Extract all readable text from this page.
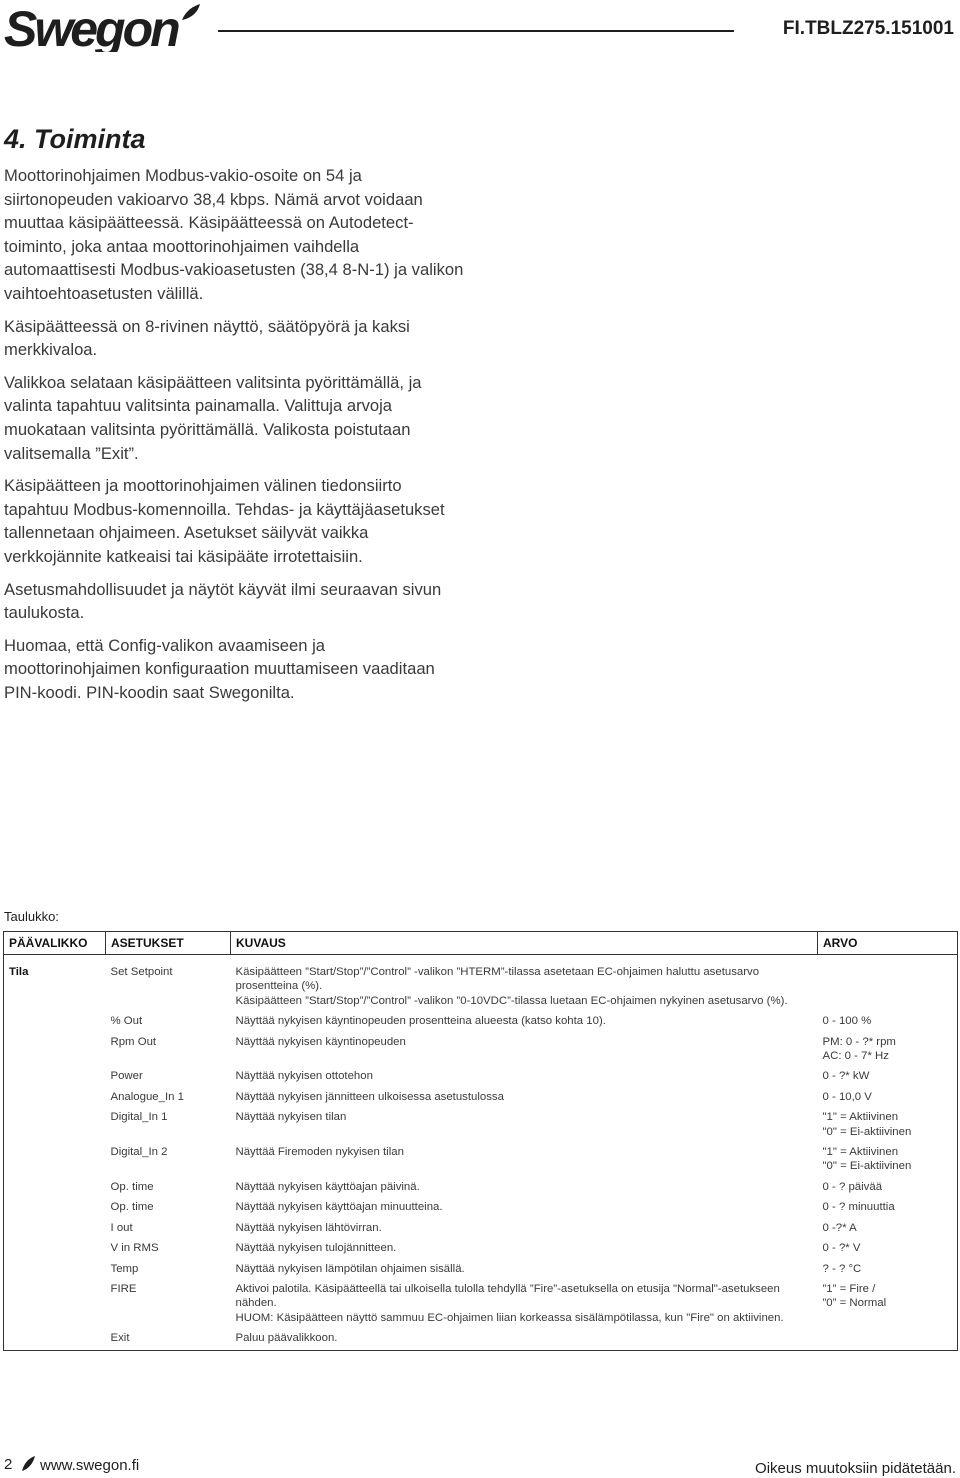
Swegon	FI.TBLZ275.151001
4. Toiminta

Moottorinohjaimen Modbus-vakio-osoite on 54 ja siirtonopeuden vakioarvo 38,4 kbps. Nämä arvot voidaan muuttaa käsipäätteessä. Käsipäätteessä on Autodetect-toiminto, joka antaa moottorinohjaimen vaihdella automaattisesti Modbus-vakioasetusten (38,4 8-N-1) ja valikon vaihtoehtoasetusten välillä.

Käsipäätteessä on 8-rivinen näyttö, säätöpyörä ja kaksi merkkivaloa.

Valikkoa selataan käsipäätteen valitsinta pyörittämällä, ja valinta tapahtuu valitsinta painamalla. Valittuja arvoja muokataan valitsinta pyörittämällä. Valikosta poistutaan valitsemalla ”Exit”.

Käsipäätteen ja moottorinohjaimen välinen tiedonsiirto tapahtuu Modbus-komennoilla. Tehdas- ja käyttäjäasetukset tallennetaan ohjaimeen. Asetukset säilyvät vaikka verkkojännite katkeaisi tai käsipääte irrotettaisiin.

Asetusmahdollisuudet ja näytöt käyvät ilmi seuraavan sivun taulukosta.

Huomaa, että Config-valikon avaamiseen ja moottorinohjaimen konfiguraation muuttamiseen vaaditaan PIN-koodi. PIN-koodin saat Swegonilta.

Taulukko:
PÄÄVALIKKO	ASETUKSET	KUVAUS	ARVO
Tila	Set Setpoint	Käsipäätteen ”Start/Stop”/”Control” -valikon ”HTERM”-tilassa asetetaan EC-ohjaimen haluttu asetusarvo prosentteina (%).
Käsipäätteen ”Start/Stop”/”Control” -valikon ”0-10VDC”-tilassa luetaan EC-ohjaimen nykyinen asetusarvo (%).	

	% Out	Näyttää nykyisen käyntinopeuden prosentteina alueesta (katso kohta 10).	0 - 100 %

	Rpm Out	Näyttää nykyisen käyntinopeuden	PM: 0 - ?* rpm
AC: 0 - 7* Hz

	Power	Näyttää nykyisen ottotehon	0 - ?* kW

	Analogue_In 1	Näyttää nykyisen jännitteen ulkoisessa asetustulossa	0 - 10,0 V

	Digital_In 1	Näyttää nykyisen tilan	"1" = Aktiivinen
"0" = Ei-aktiivinen

	Digital_In 2	Näyttää Firemoden nykyisen tilan	"1" = Aktiivinen
"0" = Ei-aktiivinen

	Op. time	Näyttää nykyisen käyttöajan päivinä.	0 - ? päivää

	Op. time	Näyttää nykyisen käyttöajan minuutteina.	0 - ? minuuttia

	I out	Näyttää nykyisen lähtövirran.	0 -?* A

	V in RMS	Näyttää nykyisen tulojännitteen.	0 - ?* V

	Temp	Näyttää nykyisen lämpötilan ohjaimen sisällä.	? - ? °C

	FIRE	Aktivoi palotila. Käsipäätteellä tai ulkoisella tulolla tehdyllä ”Fire”-asetuksella on etusija "Normal"-asetukseen nähden.
HUOM: Käsipäätteen näyttö sammuu EC-ohjaimen liian korkeassa sisälämpötilassa, kun "Fire" on aktiivinen.	”1” = Fire /
”0” = Normal

	Exit	Paluu päävalikkoon.	

2 www.swegon.fi	Oikeus muutoksiin pidätetään.
